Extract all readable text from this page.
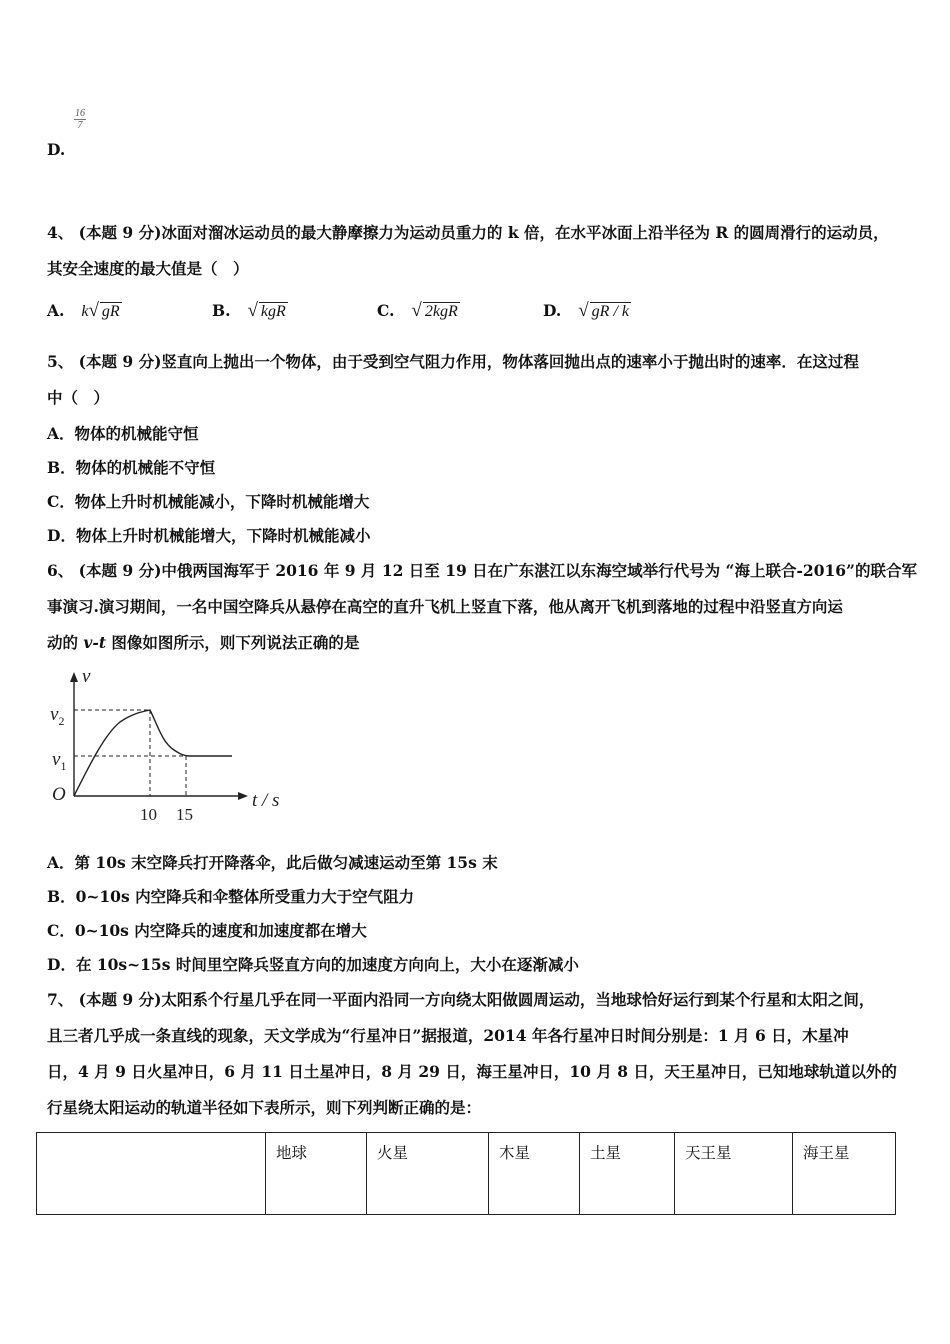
16
7
D.
4、 (本题 9 分)冰面对溜冰运动员的最大静摩擦力为运动员重力的 k 倍，在水平冰面上沿半径为 R 的圆周滑行的运动员，
其安全速度的最大值是（　）
A. k√ gR	B. √ kgR	C. √ 2kgR	D. √ gR / k
5、 (本题 9 分)竖直向上抛出一个物体，由于受到空气阻力作用，物体落回抛出点的速率小于抛出时的速率．在这过程
中（　）
A．物体的机械能守恒
B．物体的机械能不守恒
C．物体上升时机械能减小，下降时机械能增大
D．物体上升时机械能增大，下降时机械能减小
6、 (本题 9 分)中俄两国海军于 2016 年 9 月 12 日至 19 日在广东湛江以东海空域举行代号为 “海上联合-2016”的联合军
事演习.演习期间，一名中国空降兵从悬停在高空的直升飞机上竖直下落，他从离开飞机到落地的过程中沿竖直方向运
动的 v-t 图像如图所示，则下列说法正确的是
v
$v_2$
$v_1$
O	t / s
10 15
A．第 10s 末空降兵打开降落伞，此后做匀减速运动至第 15s 末
B．0~10s 内空降兵和伞整体所受重力大于空气阻力
C．0~10s 内空降兵的速度和加速度都在增大
D．在 10s~15s 时间里空降兵竖直方向的加速度方向向上，大小在逐渐减小
7、 (本题 9 分)太阳系个行星几乎在同一平面内沿同一方向绕太阳做圆周运动，当地球恰好运行到某个行星和太阳之间，
且三者几乎成一条直线的现象，天文学成为“行星冲日”据报道，2014 年各行星冲日时间分别是：1 月 6 日，木星冲
日，4 月 9 日火星冲日，6 月 11 日土星冲日，8 月 29 日，海王星冲日，10 月 8 日，天王星冲日，已知地球轨道以外的
行星绕太阳运动的轨道半径如下表所示，则下列判断正确的是：
	地球	火星	木星	土星	天王星	海王星
